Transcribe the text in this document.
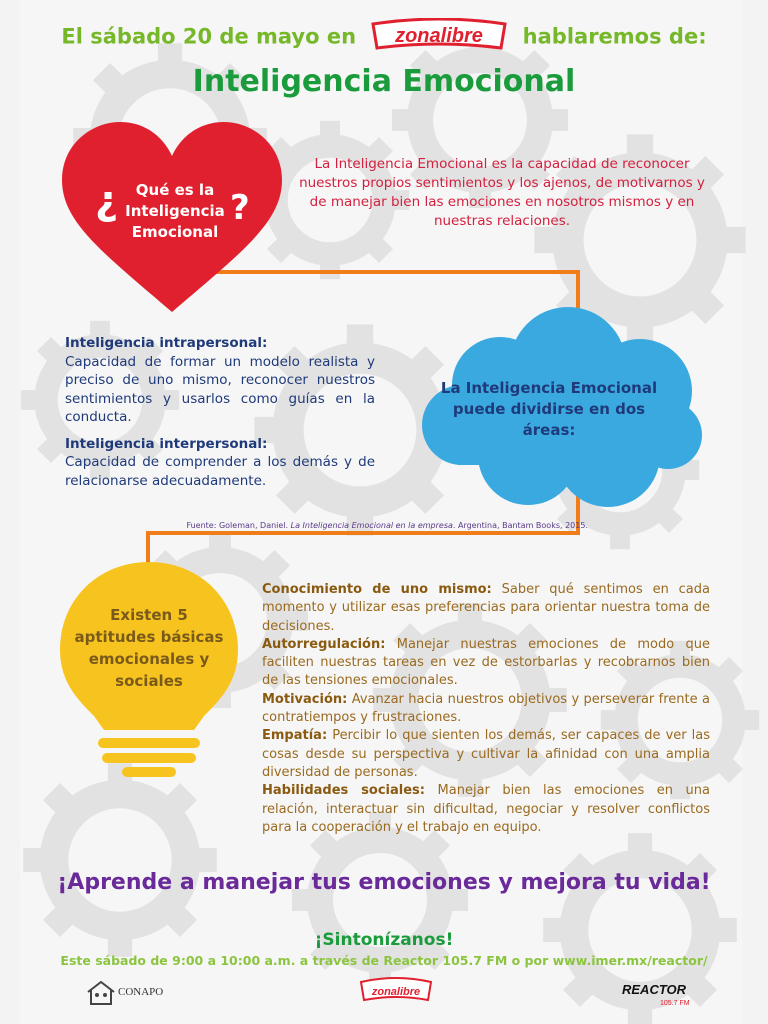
El sábado 20 de mayo en zonalibre hablaremos de:
Inteligencia Emocional
¿	?
Qué es la Inteligencia Emocional
La Inteligencia Emocional es la capacidad de reconocer nuestros propios sentimientos y los ajenos, de motivarnos y de manejar bien las emociones en nosotros mismos y en nuestras relaciones.
Inteligencia intrapersonal:
Capacidad de formar un modelo realista y preciso de uno mismo, reconocer nuestros sentimientos y usarlos como guías en la conducta.
Inteligencia interpersonal:
Capacidad de comprender a los demás y de relacionarse adecuadamente.
La Inteligencia Emocional puede dividirse en dos áreas:
Fuente: Goleman, Daniel. La Inteligencia Emocional en la empresa. Argentina, Bantam Books, 2015.
Existen 5 aptitudes básicas emocionales y sociales

Conocimiento de uno mismo: Saber qué sentimos en cada momento y utilizar esas preferencias para orientar nuestra toma de decisiones.

Autorregulación: Manejar nuestras emociones de modo que faciliten nuestras tareas en vez de estorbarlas y recobrarnos bien de las tensiones emocionales.

Motivación: Avanzar hacia nuestros objetivos y perseverar frente a contratiempos y frustraciones.

Empatía: Percibir lo que sienten los demás, ser capaces de ver las cosas desde su perspectiva y cultivar la afinidad con una amplia diversidad de personas.

Habilidades sociales: Manejar bien las emociones en una relación, interactuar sin dificultad, negociar y resolver conflictos para la cooperación y el trabajo en equipo.

¡Aprende a manejar tus emociones y mejora tu vida!
¡Sintonízanos!
Este sábado de 9:00 a 10:00 a.m. a través de Reactor 105.7 FM o por www.imer.mx/reactor/
CONAPO	zonalibre	REACTOR
105.7 FM
